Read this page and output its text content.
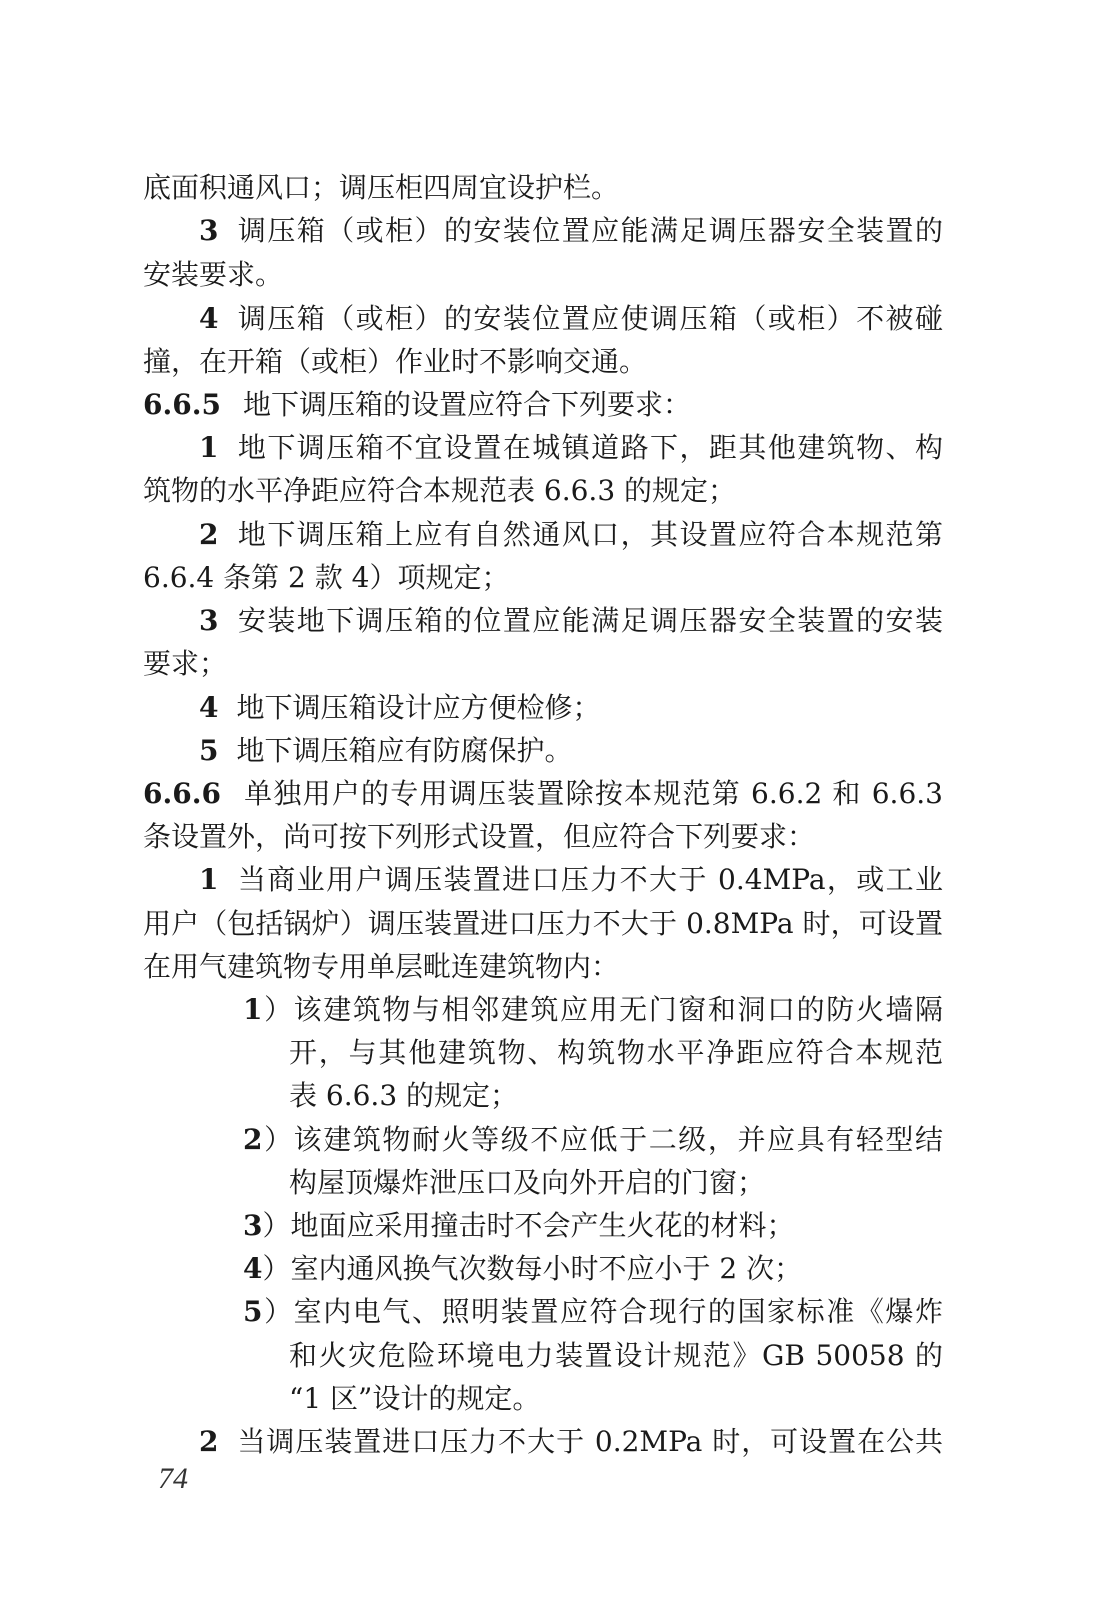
底面积通风口；调压柜四周宜设护栏。
3 调压箱（或柜）的安装位置应能满足调压器安全装置的
安装要求。
4 调压箱（或柜）的安装位置应使调压箱（或柜）不被碰
撞，在开箱（或柜）作业时不影响交通。
6.6.5 地下调压箱的设置应符合下列要求：
1 地下调压箱不宜设置在城镇道路下，距其他建筑物、构
筑物的水平净距应符合本规范表 6.6.3 的规定；
2 地下调压箱上应有自然通风口，其设置应符合本规范第
6.6.4 条第 2 款 4）项规定；
3 安装地下调压箱的位置应能满足调压器安全装置的安装
要求；
4 地下调压箱设计应方便检修；
5 地下调压箱应有防腐保护。
6.6.6 单独用户的专用调压装置除按本规范第 6.6.2 和 6.6.3
条设置外，尚可按下列形式设置，但应符合下列要求：
1 当商业用户调压装置进口压力不大于 0.4MPa，或工业
用户（包括锅炉）调压装置进口压力不大于 0.8MPa 时，可设置
在用气建筑物专用单层毗连建筑物内：
1）该建筑物与相邻建筑应用无门窗和洞口的防火墙隔
开，与其他建筑物、构筑物水平净距应符合本规范
表 6.6.3 的规定；
2）该建筑物耐火等级不应低于二级，并应具有轻型结
构屋顶爆炸泄压口及向外开启的门窗；
3）地面应采用撞击时不会产生火花的材料；
4）室内通风换气次数每小时不应小于 2 次；
5）室内电气、照明装置应符合现行的国家标准《爆炸
和火灾危险环境电力装置设计规范》GB 50058 的
“1 区”设计的规定。
2 当调压装置进口压力不大于 0.2MPa 时，可设置在公共
74
